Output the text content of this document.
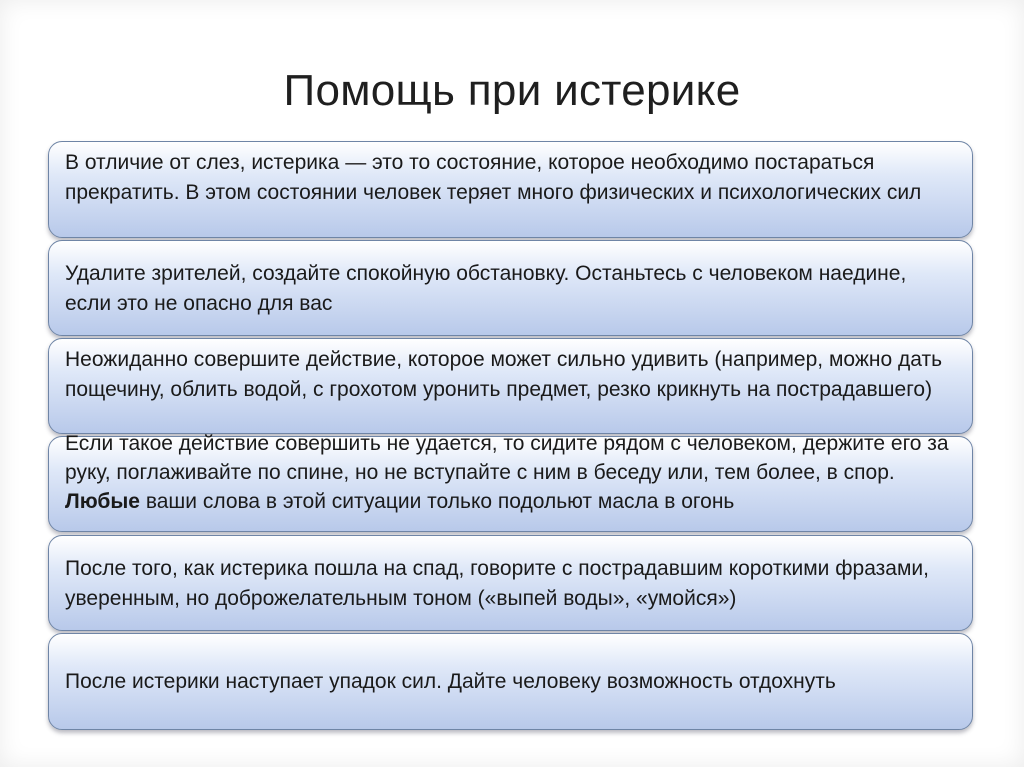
Помощь при истерике
В отличие от слез, истерика — это то состояние, которое необходимо постараться прекратить. В этом состоянии человек теряет много физических и психологических сил
Удалите зрителей, создайте спокойную обстановку. Останьтесь с человеком наедине, если это не опасно для вас
Неожиданно совершите действие, которое может сильно удивить (например, можно дать пощечину, облить водой, с грохотом уронить предмет, резко крикнуть на пострадавшего)
Если такое действие совершить не удается, то сидите рядом с человеком, держите его за руку, поглаживайте по спине, но не вступайте с ним в беседу или, тем более, в спор. Любые ваши слова в этой ситуации только подольют масла в огонь
После того, как истерика пошла на спад, говорите с пострадавшим короткими фразами, уверенным, но доброжелательным тоном («выпей воды», «умойся»)
После истерики наступает упадок сил. Дайте человеку возможность отдохнуть
